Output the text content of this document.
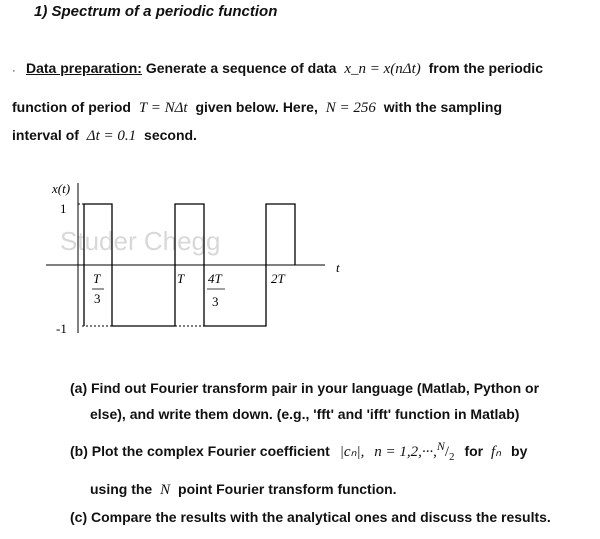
1) Spectrum of a periodic function
· Data preparation: Generate a sequence of data x_n = x(nΔt) from the periodic
function of period T = NΔt given below. Here, N = 256 with the sampling
interval of Δt = 0.1 second.
Studer Chegg
x(t)
1
-1
t
T
3
T 4T
3
2T
(a) Find out Fourier transform pair in your language (Matlab, Python or
else), and write them down. (e.g., 'fft' and 'ifft' function in Matlab)
(b) Plot the complex Fourier coefficient |cₙ|, $n = 1,2,\cdot\cdot\cdot,N/_2$ for fₙ by
using the N point Fourier transform function.
(c) Compare the results with the analytical ones and discuss the results.
